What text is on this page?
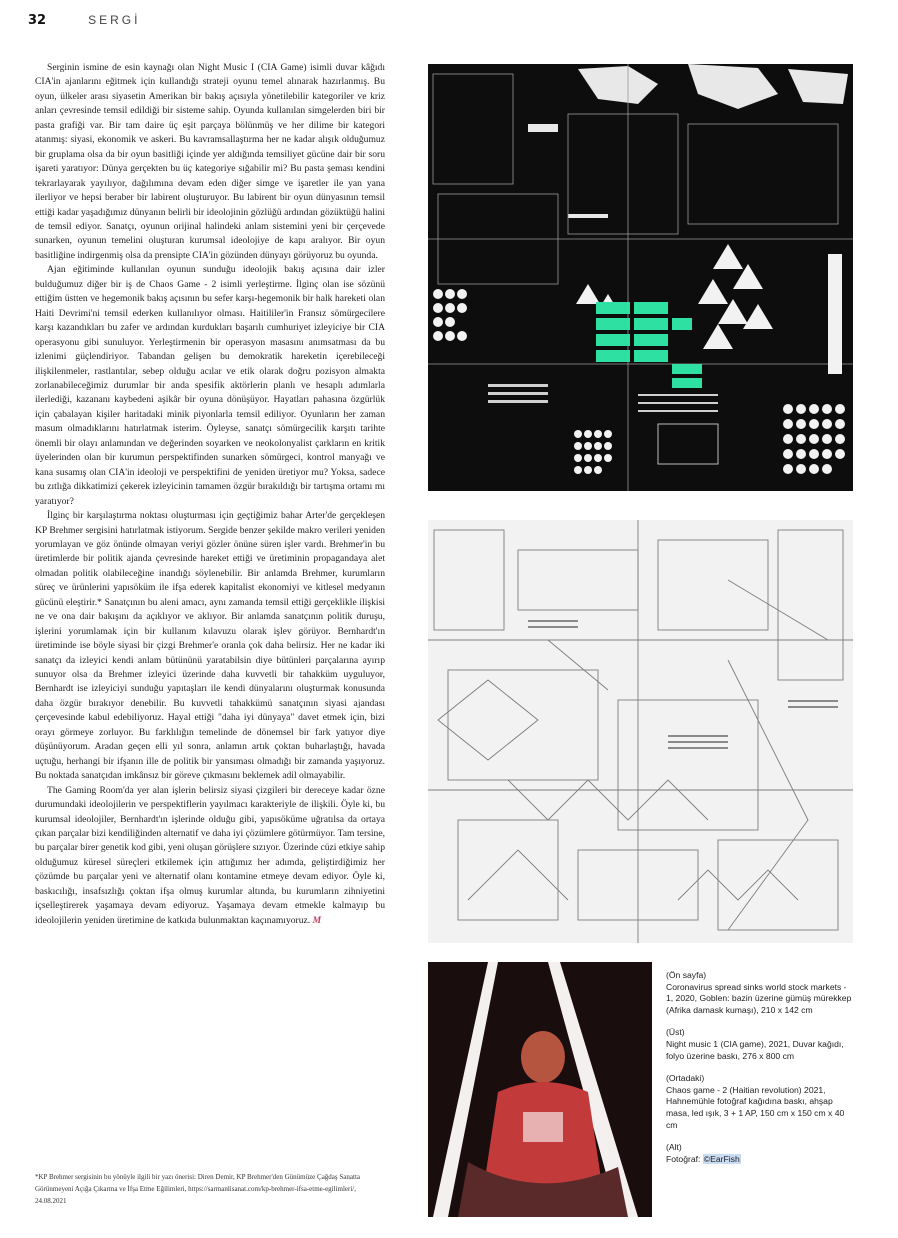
32	SERGİ

Serginin ismine de esin kaynağı olan Night Music I (CIA Game) isimli duvar kâğıdı CIA'in ajanlarını eğitmek için kullandığı strateji oyunu temel alınarak hazırlanmış. Bu oyun, ülkeler arası siyasetin Amerikan bir bakış açısıyla yönetilebilir kategoriler ve kriz anları çevresinde temsil edildiği bir sisteme sahip. Oyunda kullanılan simgelerden biri bir pasta grafiği var. Bir tam daire üç eşit parçaya bölünmüş ve her dilime bir kategori atanmış: siyasi, ekonomik ve askeri. Bu kavramsallaştırma her ne kadar alışık olduğumuz bir gruplama olsa da bir oyun basitliği içinde yer aldığında temsiliyet gücüne dair bir soru işareti yaratıyor: Dünya gerçekten bu üç kategoriye sığabilir mi? Bu pasta şeması kendini tekrarlayarak yayılıyor, dağılımına devam eden diğer simge ve işaretler ile yan yana ilerliyor ve hepsi beraber bir labirent oluşturuyor. Bu labirent bir oyun dünyasının temsil ettiği kadar yaşadığımız dünyanın belirli bir ideolojinin gözlüğü ardından gözüktüğü halini de temsil ediyor. Sanatçı, oyunun orijinal halindeki anlam sistemini yeni bir çerçevede sunarken, oyunun temelini oluşturan kurumsal ideolojiye de kapı aralıyor. Bir oyun basitliğine indirgenmiş olsa da prensipte CIA'in gözünden dünyayı görüyoruz bu oyunda.

Ajan eğitiminde kullanılan oyunun sunduğu ideolojik bakış açısına dair izler bulduğumuz diğer bir iş de Chaos Game - 2 isimli yerleştirme. İlginç olan ise sözünü ettiğim üstten ve hegemonik bakış açısının bu sefer karşı-hegemonik bir halk hareketi olan Haiti Devrimi'ni temsil ederken kullanılıyor olması. Haitililer'in Fransız sömürgecilere karşı kazandıkları bu zafer ve ardından kurdukları başarılı cumhuriyet izleyiciye bir CIA operasyonu gibi sunuluyor. Yerleştirmenin bir operasyon masasını anımsatması da bu izlenimi güçlendiriyor. Tabandan gelişen bu demokratik hareketin içerebileceği ilişkilenmeler, rastlantılar, sebep olduğu acılar ve etik olarak doğru pozisyon almakta zorlanabileceğimiz durumlar bir anda spesifik aktörlerin planlı ve hesaplı adımlarla ilerlediği, kazananı kaybedeni aşikâr bir oyuna dönüşüyor. Hayatları pahasına özgürlük için çabalayan kişiler haritadaki minik piyonlarla temsil ediliyor. Oyunların her zaman masum olmadıklarını hatırlatmak isterim. Öyleyse, sanatçı sömürgecilik karşıtı tarihte önemli bir olayı anlamından ve değerinden soyarken ve neokolonyalist çarkların en kritik üyelerinden olan bir kurumun perspektifinden sunarken sömürgeci, kontrol manyağı ve kana susamış olan CIA'in ideoloji ve perspektifini de yeniden üretiyor mu? Yoksa, sadece bu zıtlığa dikkatimizi çekerek izleyicinin tamamen özgür bırakıldığı bir tartışma ortamı mı yaratıyor?

İlginç bir karşılaştırma noktası oluşturması için geçtiğimiz bahar Arter'de gerçekleşen KP Brehmer sergisini hatırlatmak istiyorum. Sergide benzer şekilde makro verileri yeniden yorumlayan ve göz önünde olmayan veriyi gözler önüne süren işler vardı. Brehmer'in bu üretimlerde bir politik ajanda çevresinde hareket ettiği ve üretiminin propagandaya alet olmadan politik olabileceğine inandığı söylenebilir. Bir anlamda Brehmer, kurumların süreç ve ürünlerini yapısöküm ile ifşa ederek kapitalist ekonomiyi ve kitlesel medyanın gücünü eleştirir.* Sanatçının bu aleni amacı, aynı zamanda temsil ettiği gerçeklikle ilişkisi ne ve ona dair bakışını da açıklıyor ve aklıyor. Bir anlamda sanatçının politik duruşu, işlerini yorumlamak için bir kullanım kılavuzu olarak işlev görüyor. Bernhardt'ın üretiminde ise böyle siyasi bir çizgi Brehmer'e oranla çok daha belirsiz. Her ne kadar iki sanatçı da izleyici kendi anlam bütününü yaratabilsin diye bütünleri parçalarına ayırıp sunuyor olsa da Brehmer izleyici üzerinde daha kuvvetli bir tahakküm uyguluyor, Bernhardt ise izleyiciyi sunduğu yapıtaşları ile kendi dünyalarını oluşturmak konusunda daha özgür bırakıyor denebilir. Bu kuvvetli tahakkümü sanatçının siyasi ajandası çerçevesinde kabul edebiliyoruz. Hayal ettiği "daha iyi dünyaya" davet etmek için, bizi orayı görmeye zorluyor. Bu farklılığın temelinde de dönemsel bir fark yatıyor diye düşünüyorum. Aradan geçen elli yıl sonra, anlamın artık çoktan buharlaştığı, havada uçtuğu, herhangi bir ifşanın ille de politik bir yansıması olmadığı bir zamanda yaşıyoruz. Bu noktada sanatçıdan imkânsız bir göreve çıkmasını beklemek adil olmayabilir.

The Gaming Room'da yer alan işlerin belirsiz siyasi çizgileri bir dereceye kadar özne durumundaki ideolojilerin ve perspektiflerin yayılmacı karakteriyle de ilişkili. Öyle ki, bu kurumsal ideolojiler, Bernhardt'ın işlerinde olduğu gibi, yapısöküme uğratılsa da ortaya çıkan parçalar bizi kendiliğinden alternatif ve daha iyi çözümlere götürmüyor. Tam tersine, bu parçalar birer genetik kod gibi, yeni oluşan görüşlere sızıyor. Üzerinde cüzi etkiye sahip olduğumuz küresel süreçleri etkilemek için attığımız her adımda, geliştirdiğimiz her çözümde bu parçalar yeni ve alternatif olanı kontamine etmeye devam ediyor. Öyle ki, baskıcılığı, insafsızlığı çoktan ifşa olmuş kurumlar altında, bu kurumların zihniyetini içselleştirerek yaşamaya devam ediyoruz. Yaşamaya devam etmekle kalmayıp bu ideolojilerin yeniden üretimine de katkıda bulunmaktan kaçınamıyoruz. M

*KP Brehmer sergisinin bu yönüyle ilgili bir yazı önerisi: Diren Demir, KP Brehmer'den Günümüze Çağdaş Sanatta Görünmeyeni Açığa Çıkarma ve İfşa Etme Eğilimleri, https://sarmanlisanat.com/kp-brehmer-ifsa-etme-egilimleri/, 24.08.2021
(Ön sayfa)
Coronavirus spread sinks world stock markets - 1, 2020, Goblen: bazin üzerine gümüş mürekkep (Afrika damask kumaşı), 210 x 142 cm
(Üst)
Night music 1 (CIA game), 2021, Duvar kağıdı, folyo üzerine baskı, 276 x 800 cm
(Ortadaki)
Chaos game - 2 (Haitian revolution) 2021, Hahnemühle fotoğraf kağıdına baskı, ahşap masa, led ışık, 3 + 1 AP, 150 cm x 150 cm x 40 cm
(Alt)
Fotoğraf: ©EarFish
